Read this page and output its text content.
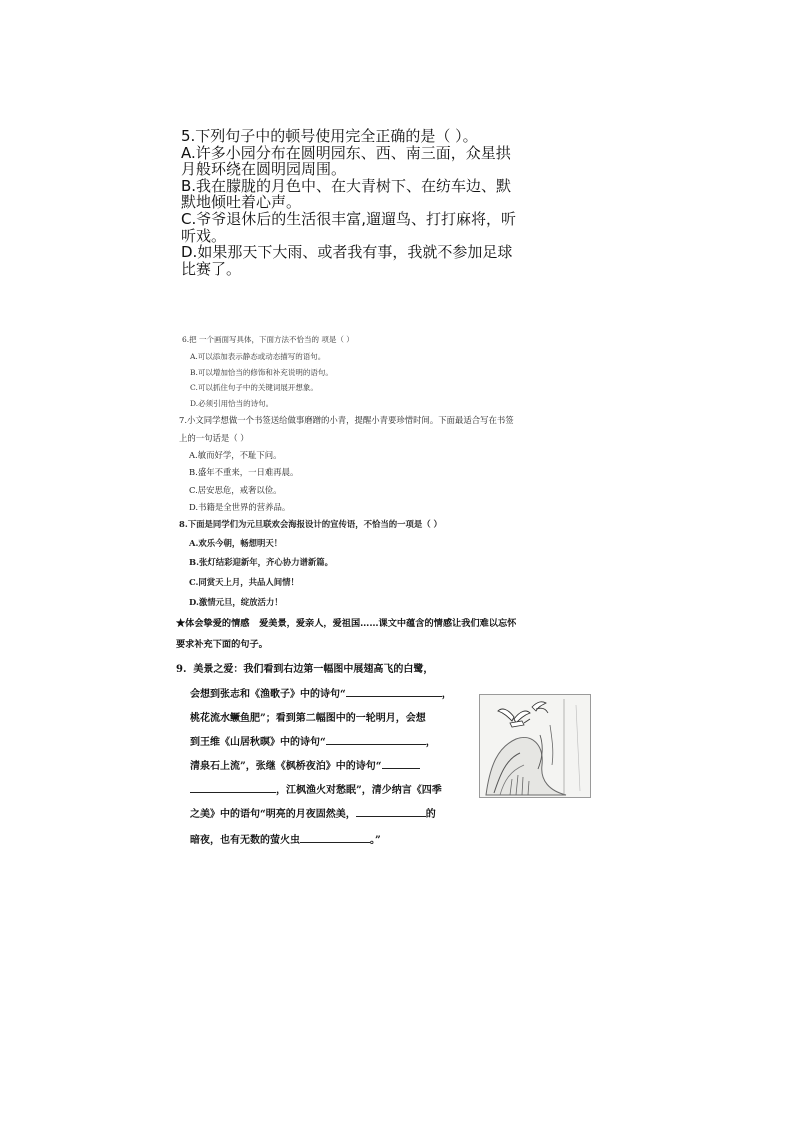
5.下列句子中的顿号使用完全正确的是（ ）。

A.许多小园分布在圆明园东、西、南三面，众星拱

月般环绕在圆明园周围。

B.我在朦胧的月色中、在大青树下、在纺车边、默

默地倾吐着心声。

C.爷爷退休后的生活很丰富,遛遛鸟、打打麻将，听

听戏。

D.如果那天下大雨、或者我有事，我就不参加足球

比赛了。

6.把 一个画面写具体，下面方法不恰当的 项是（ ）
A.可以添加表示静态或动态描写的语句。
B.可以增加恰当的修饰和补充说明的语句。
C.可以抓住句子中的关键词展开想象。
D.必须引用恰当的诗句。
7.小文同学想做一个书签送给做事磨蹭的小青，提醒小青要珍惜时间。下面最适合写在书签
上的一句话是（ ）
A.敏而好学，不耻下问。
B.盛年不重来，一日难再晨。
C.居安思危，戒奢以俭。
D.书籍是全世界的营养品。
8.下面是同学们为元旦联欢会海报设计的宣传语，不恰当的一项是（ ）
A.欢乐今朝，畅想明天！
B.张灯结彩迎新年，齐心协力谱新篇。
C.同赏天上月，共品人间情！
D.激情元旦，绽放活力！
★体会挚爱的情感 爱美景，爱亲人，爱祖国……课文中蕴含的情感让我们难以忘怀
要求补充下面的句子。
9. 美景之爱：我们看到右边第一幅图中展翅高飞的白鹭，
会想到张志和《渔歌子》中的诗句“	，
桃花流水鳜鱼肥”；看到第二幅图中的一轮明月，会想
到王维《山居秋暝》中的诗句“	，
清泉石上流”，张继《枫桥夜泊》中的诗句“
，江枫渔火对愁眠”，清少纳言《四季
之美》中的语句“明亮的月夜固然美，	的
暗夜，也有无数的萤火虫	。”
